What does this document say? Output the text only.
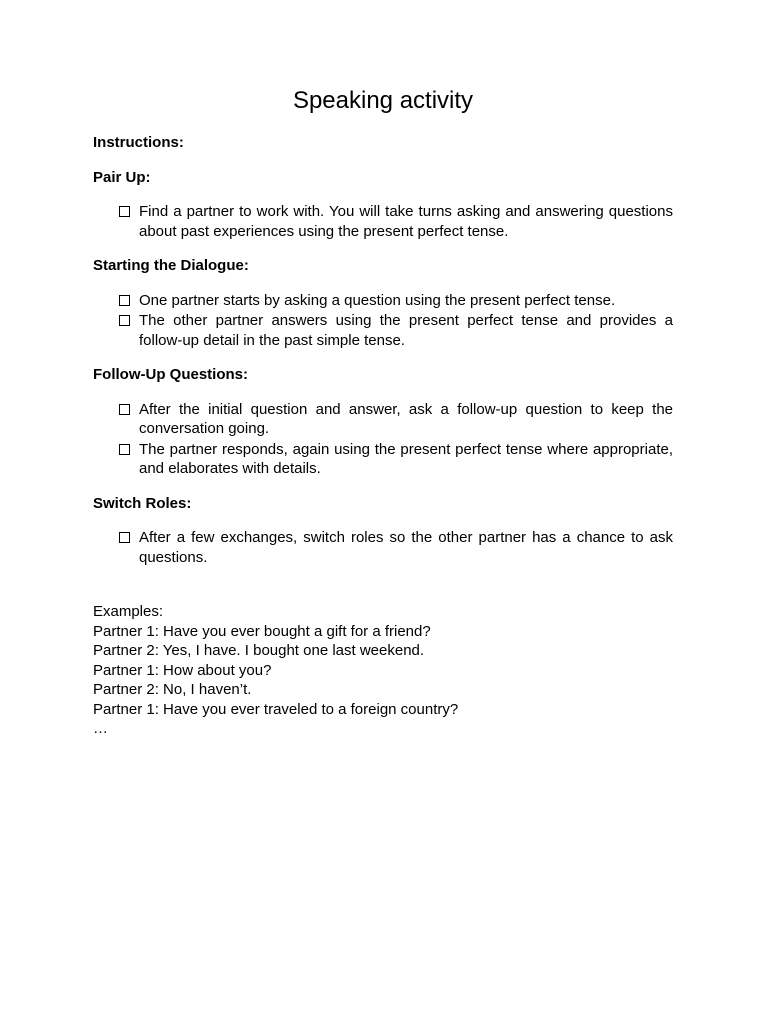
Speaking activity

Instructions:

Pair Up:

Find a partner to work with. You will take turns asking and answering questions about past experiences using the present perfect tense.

Starting the Dialogue:

One partner starts by asking a question using the present perfect tense.
The other partner answers using the present perfect tense and provides a follow-up detail in the past simple tense.

Follow-Up Questions:

After the initial question and answer, ask a follow-up question to keep the conversation going.
The partner responds, again using the present perfect tense where appropriate, and elaborates with details.

Switch Roles:

After a few exchanges, switch roles so the other partner has a chance to ask questions.
Examples:
Partner 1: Have you ever bought a gift for a friend?
Partner 2: Yes, I have. I bought one last weekend.
Partner 1: How about you?
Partner 2: No, I haven’t.
Partner 1: Have you ever traveled to a foreign country?
…
